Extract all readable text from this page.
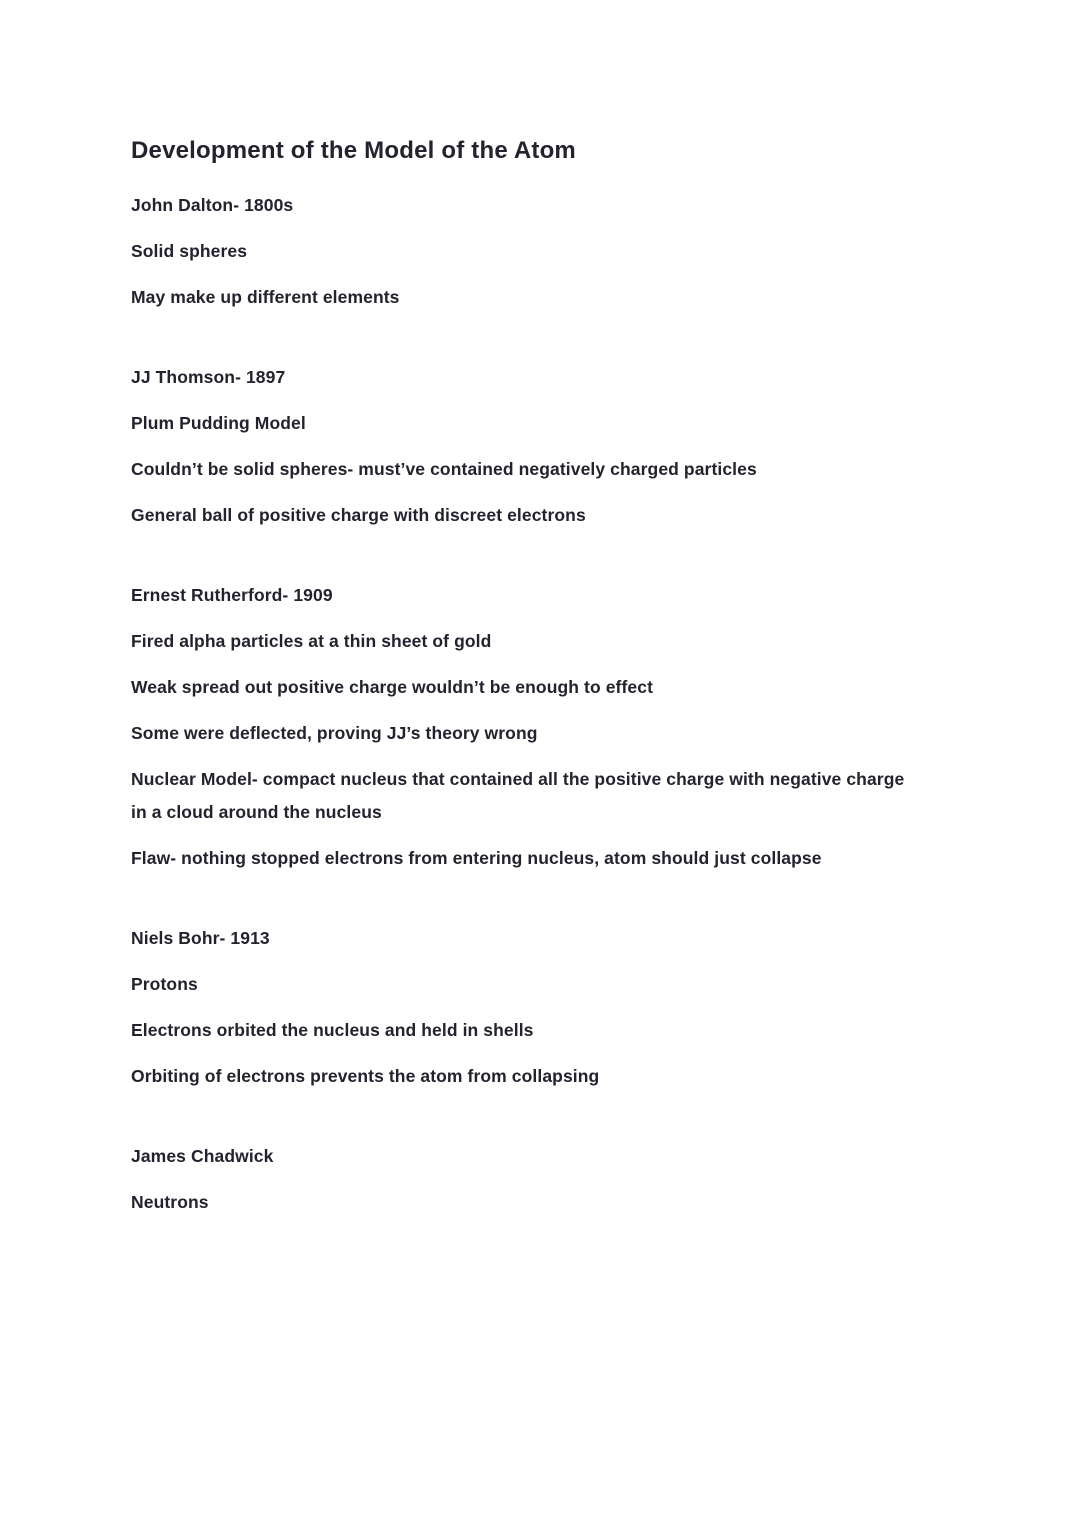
Development of the Model of the Atom

John Dalton- 1800s

Solid spheres

May make up different elements

JJ Thomson- 1897

Plum Pudding Model

Couldn’t be solid spheres- must’ve contained negatively charged particles

General ball of positive charge with discreet electrons

Ernest Rutherford- 1909

Fired alpha particles at a thin sheet of gold

Weak spread out positive charge wouldn’t be enough to effect

Some were deflected, proving JJ’s theory wrong

Nuclear Model- compact nucleus that contained all the positive charge with negative charge in a cloud around the nucleus

Flaw- nothing stopped electrons from entering nucleus, atom should just collapse

Niels Bohr- 1913

Protons

Electrons orbited the nucleus and held in shells

Orbiting of electrons prevents the atom from collapsing

James Chadwick

Neutrons
